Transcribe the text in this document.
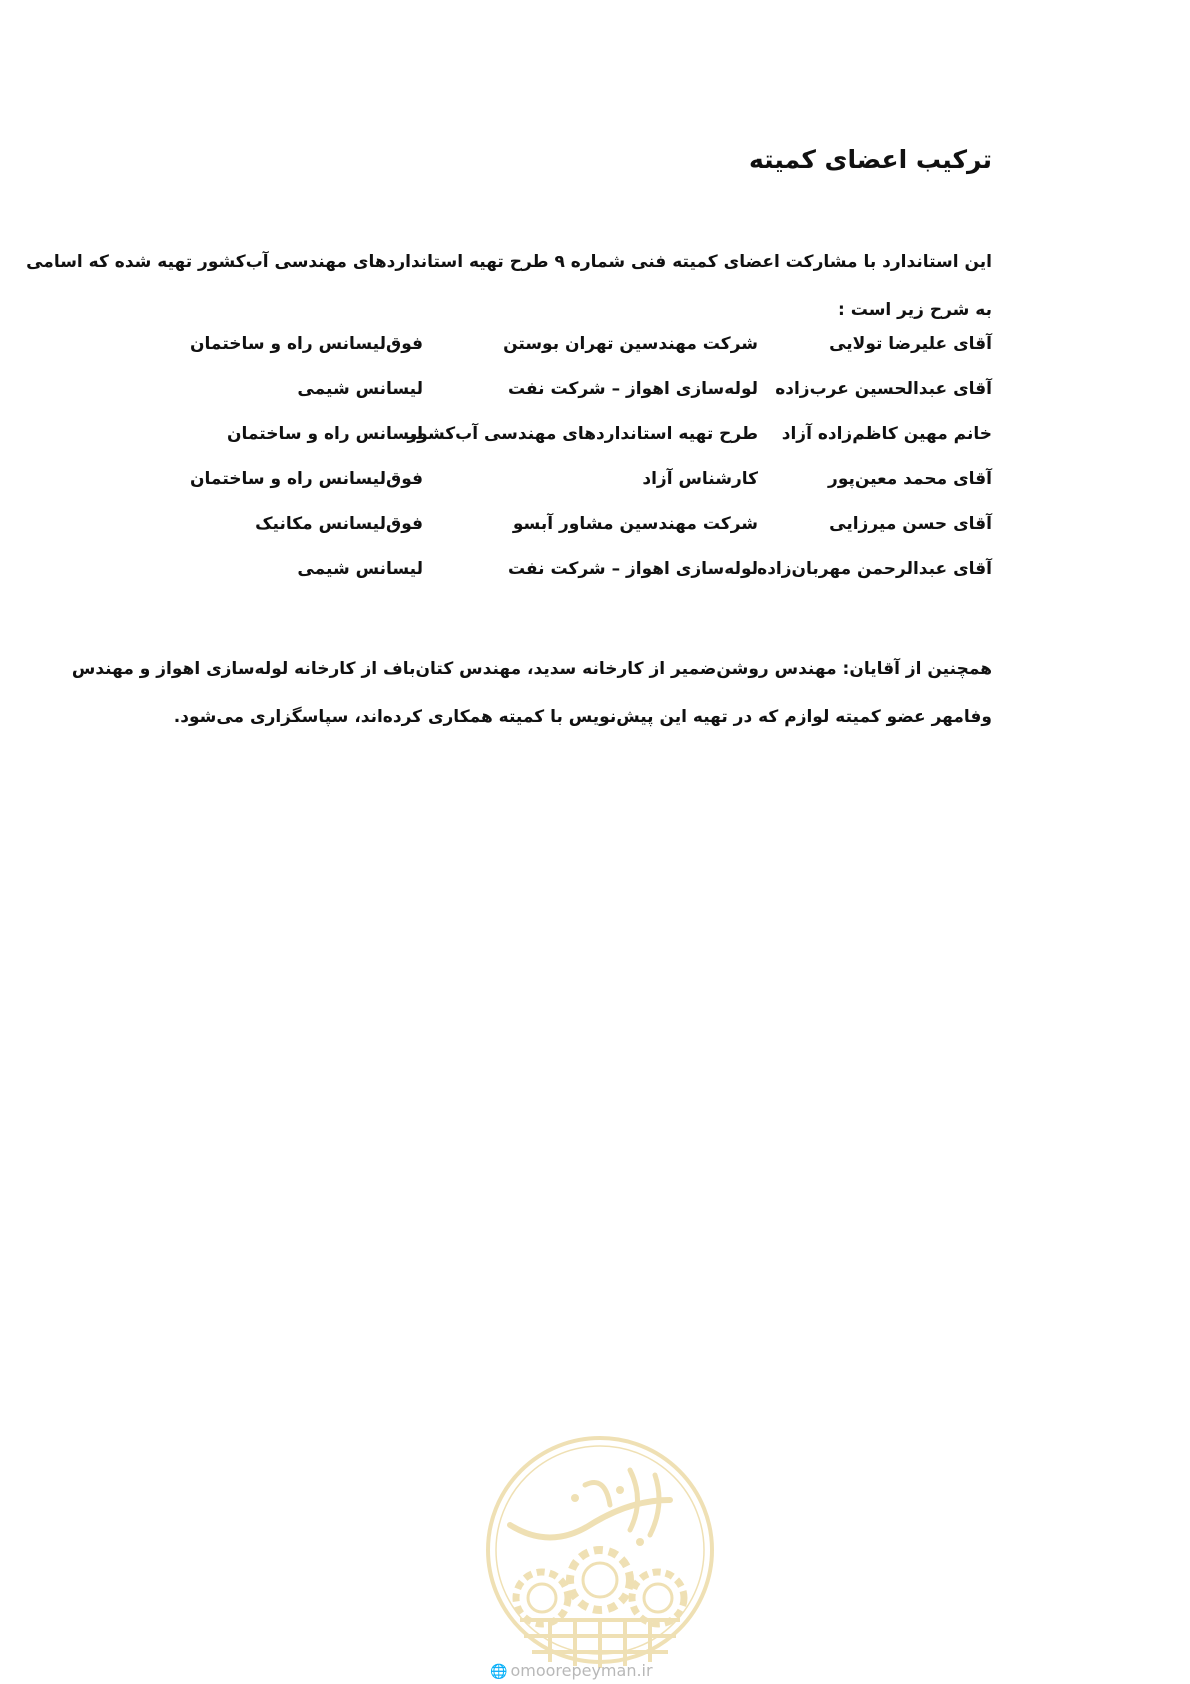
ترکیب اعضای کمیته
این استاندارد با مشارکت اعضای کمیته فنی شماره ۹ طرح تهیه استانداردهای مهندسی آب‌کشور تهیه شده‌ که اسامی
به شرح زیر است :
آقای علیرضا تولایی
شرکت مهندسین تهران بوستن
فوق‌لیسانس راه و ساختمان
آقای عبدالحسین عرب‌زاده
لوله‌سازی اهواز – شرکت نفت
لیسانس شیمی
خانم مهین کاظم‌زاده آزاد
طرح تهیه استانداردهای مهندسی آب‌کشور
لیسانس راه و ساختمان
آقای محمد معین‌پور
کارشناس آزاد
فوق‌لیسانس راه و ساختمان
آقای حسن میرزایی
شرکت مهندسین مشاور آبسو
فوق‌لیسانس مکانیک
آقای عبدالرحمن مهربان‌زاده
لوله‌سازی اهواز – شرکت نفت
لیسانس شیمی
همچنین از آقایان: مهندس روشن‌ضمیر از کارخانه سدید، مهندس کتان‌باف از کارخانه لوله‌سازی اهواز و مهندس
وفامهر عضو کمیته لوازم که در تهیه این پیش‌نویس با کمیته همکاری کرده‌اند، سپاسگزاری می‌شود.
🌐 omoorepeyman.ir
